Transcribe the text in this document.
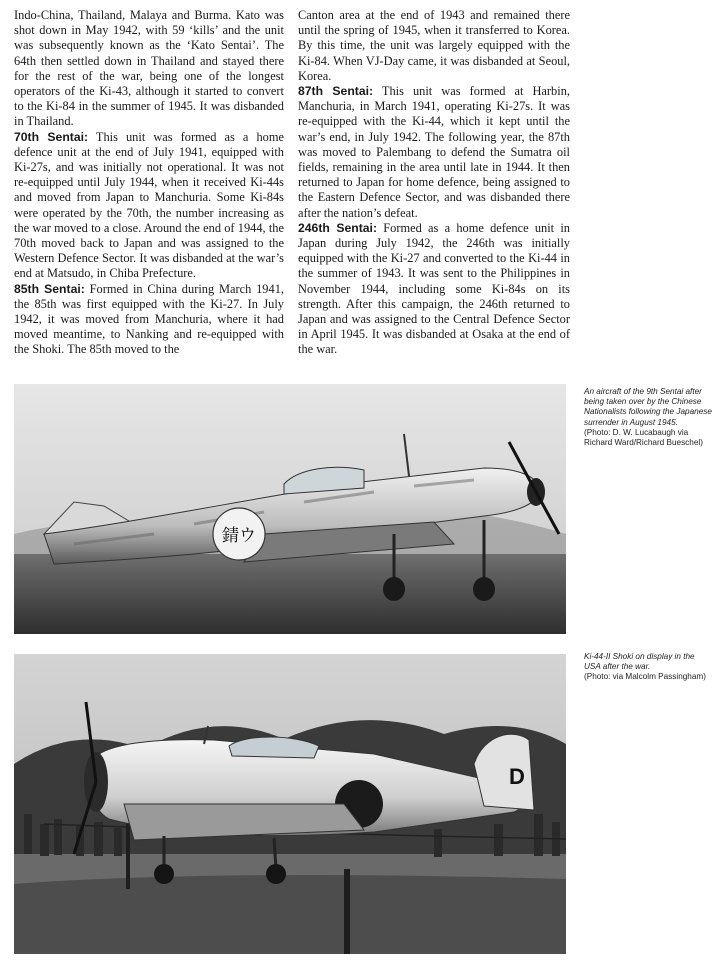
Indo-China, Thailand, Malaya and Burma. Kato was shot down in May 1942, with 59 ‘kills’ and the unit was subsequently known as the ‘Kato Sentai’. The 64th then settled down in Thailand and stayed there for the rest of the war, being one of the longest operators of the Ki-43, although it started to convert to the Ki-84 in the summer of 1945. It was disbanded in Thailand.

70th Sentai: This unit was formed as a home defence unit at the end of July 1941, equipped with Ki-27s, and was initially not operational. It was not re-equipped until July 1944, when it received Ki-44s and moved from Japan to Manchuria. Some Ki-84s were operated by the 70th, the number increasing as the war moved to a close. Around the end of 1944, the 70th moved back to Japan and was assigned to the Western Defence Sector. It was disbanded at the war’s end at Matsudo, in Chiba Prefecture.

85th Sentai: Formed in China during March 1941, the 85th was first equipped with the Ki-27. In July 1942, it was moved from Manchuria, where it had moved meantime, to Nanking and re-equipped with the Shoki. The 85th moved to the

Canton area at the end of 1943 and remained there until the spring of 1945, when it transferred to Korea. By this time, the unit was largely equipped with the Ki-84. When VJ-Day came, it was disbanded at Seoul, Korea.

87th Sentai: This unit was formed at Harbin, Manchuria, in March 1941, operating Ki-27s. It was re-equipped with the Ki-44, which it kept until the war’s end, in July 1942. The following year, the 87th was moved to Palembang to defend the Sumatra oil fields, remaining in the area until late in 1944. It then returned to Japan for home defence, being assigned to the Eastern Defence Sector, and was disbanded there after the nation’s defeat.

246th Sentai: Formed as a home defence unit in Japan during July 1942, the 246th was initially equipped with the Ki-27 and converted to the Ki-44 in the summer of 1943. It was sent to the Philippines in November 1944, including some Ki-84s on its strength. After this campaign, the 246th returned to Japan and was assigned to the Central Defence Sector in April 1945. It was disbanded at Osaka at the end of the war.

錆ウ
An aircraft of the 9th Sentai after being taken over by the Chinese Nationalists following the Japanese surrender in August 1945.
(Photo: D. W. Lucabaugh via Richard Ward/Richard Bueschel)
D
Ki-44-II Shoki on display in the USA after the war.
(Photo: via Malcolm Passingham)
